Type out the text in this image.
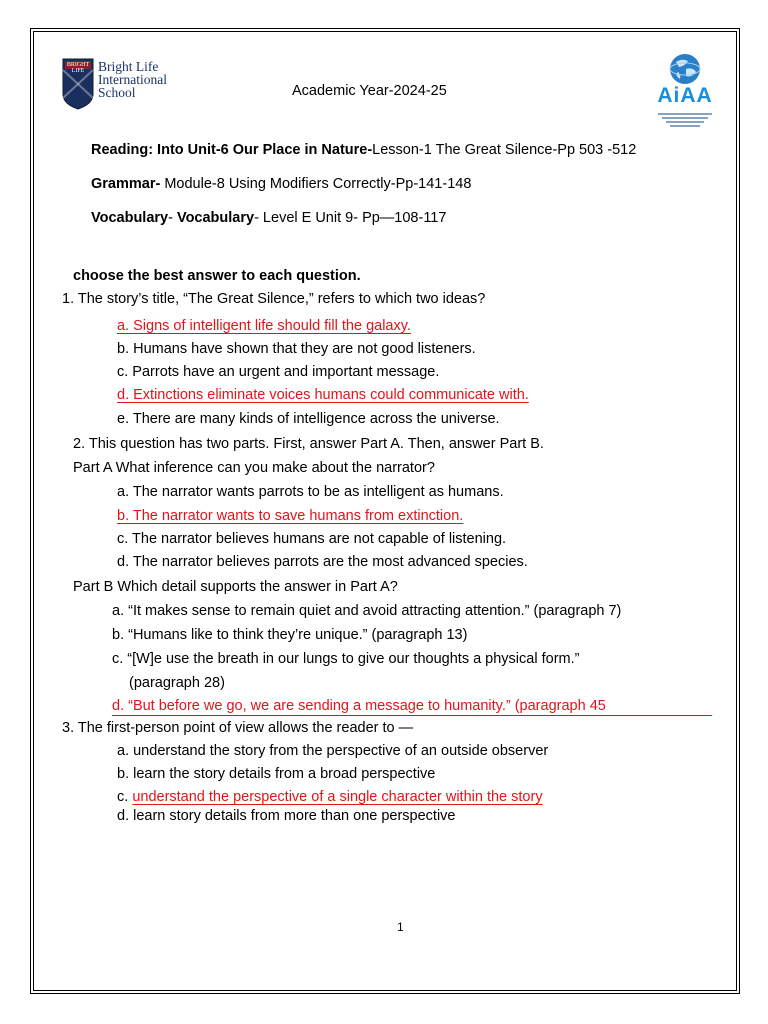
BRIGHT LIFE	Bright Life
International
School	Academic Year-2024-25	AiAA
Reading: Into Unit-6 Our Place in Nature-Lesson-1 The Great Silence-Pp 503 -512
Grammar- Module-8 Using Modifiers Correctly-Pp-141-148
Vocabulary- Vocabulary- Level E Unit 9- Pp—108-117
choose the best answer to each question.
1. The story’s title, “The Great Silence,” refers to which two ideas?
a. Signs of intelligent life should fill the galaxy.
b. Humans have shown that they are not good listeners.
c. Parrots have an urgent and important message.
d. Extinctions eliminate voices humans could communicate with.
e. There are many kinds of intelligence across the universe.
2. This question has two parts. First, answer Part A. Then, answer Part B.
Part A What inference can you make about the narrator?
a. The narrator wants parrots to be as intelligent as humans.
b. The narrator wants to save humans from extinction.
c. The narrator believes humans are not capable of listening.
d. The narrator believes parrots are the most advanced species.
Part B Which detail supports the answer in Part A?
a. “It makes sense to remain quiet and avoid attracting attention.” (paragraph 7)
b. “Humans like to think they’re unique.” (paragraph 13)
c. “[W]e use the breath in our lungs to give our thoughts a physical form.”
(paragraph 28)
d. “But before we go, we are sending a message to humanity.” (paragraph 45
3. The first-person point of view allows the reader to —
a. understand the story from the perspective of an outside observer
b. learn the story details from a broad perspective
c. understand the perspective of a single character within the story
d. learn story details from more than one perspective
1
